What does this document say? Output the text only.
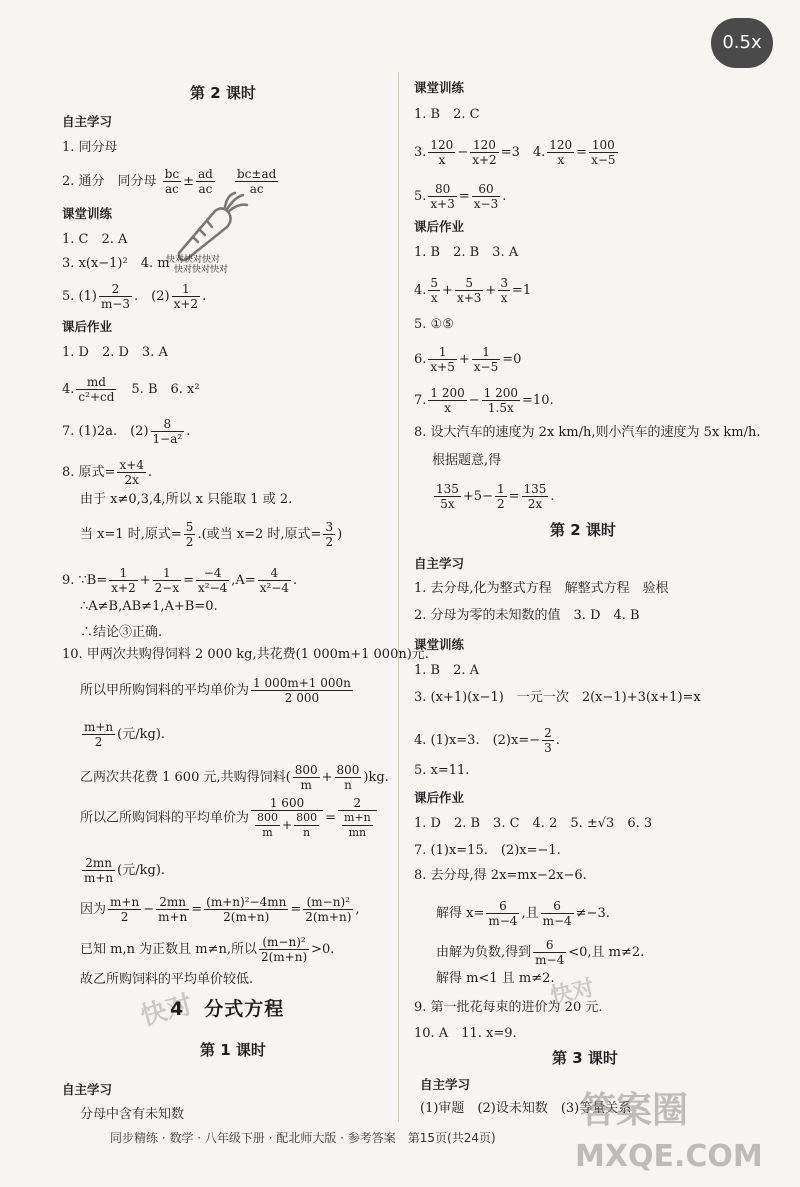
0.5x
第 2 课时
自主学习
1. 同分母
2. 通分　同分母 $\frac{bc}{ac} \pm \frac{ad}{ac}$
$\frac{bc\pm ad}{ac}$
课堂训练
1. C　2. A
3. x(x−1)²　4. m
5. $(1) \frac{2}{m-3}$ .　$(2) \frac{1}{x+2}$ .
快对快对快对
快对快对快对
课后作业
1. D　2. D　3. A
4. $\frac{md}{\text{c²+cd}}$ 　5. B　6. x²
7. (1)2a.　$(2) \frac{8}{\text{1−a²}}$ .
8. 原式= $\frac{x+4}{2x}$ .
由于 x≠0,3,4,所以 x 只能取 1 或 2.
当 x=1 时,原式= $\frac{5}{2}$ .(或当 x=2 时,原式= $\frac{3}{2}$ )
9. ∵B= $\frac{1}{x+2} + \frac{1}{2-x} = \frac{-4}{\text{x²−4}} ,A= \frac{4}{\text{x²−4}}$ .
∴A≠B,AB≠1,A+B=0.
∴结论③正确.
10. 甲两次共购得饲料 2 000 kg,共花费(1 000m+1 000n)元.
所以甲所购饲料的平均单价为 $\frac{1 000m+1 000n}{2 000}$
$\frac{m+n}{2}$ (元/kg).
乙两次共花费 1 600 元,共购得饲料( $\frac{800}{m} + \frac{800}{n} )kg$.
所以乙所购饲料的平均单价为 $\frac{1 600}{\frac{800}{m} + \frac{800}{n}} = \frac{2}{\frac{m+n}{mn}}$
$\frac{2mn}{m+n}$ (元/kg).
因为 $\frac{m+n}{2} - \frac{2mn}{m+n} = \frac{\text{(m+n)²−4mn}}{2(m+n)} = \frac{\text{(m−n)²}}{2(m+n)}$ ,
已知 m,n 为正数且 m≠n,所以 $\frac{\text{(m−n)²}}{2(m+n)} >0$.
故乙所购饲料的平均单价较低.
快对
4　分式方程
第 1 课时
自主学习
分母中含有未知数
课堂训练
1. B　2. C
3. $\frac{120}{x} - \frac{120}{x+2} =3$　4. $\frac{120}{x} = \frac{100}{x-5}$
5. $\frac{80}{x+3} = \frac{60}{x-3}$ .
课后作业
1. B　2. B　3. A
4. $\frac{5}{x} + \frac{5}{x+3} + \frac{3}{x} =1$
5. ①⑤
6. $\frac{1}{x+5} + \frac{1}{x-5} =0$
7. $\frac{1 200}{x} - \frac{1 200}{1.5x} =10$.
8. 设大汽车的速度为 2x km/h,则小汽车的速度为 5x km/h.
根据题意,得
$\frac{135}{5x} +5- \frac{1}{2} = \frac{135}{2x}$ .
第 2 课时
自主学习
1. 去分母,化为整式方程　解整式方程　验根
2. 分母为零的未知数的值　3. D　4. B
课堂训练
1. B　2. A
3. (x+1)(x−1)　一元一次　2(x−1)+3(x+1)=x
4. (1)x=3.　$(2)x=- \frac{2}{3}$ .
5. x=11.
课后作业
1. D　2. B　3. C　4. 2　5. ±√3　6. 3
7. (1)x=15.　(2)x=−1.
8. 去分母,得 2x=mx−2x−6.
解得 $x= \frac{6}{m-4}$ ,且 $\frac{6}{m-4} \ne-3$.
由解为负数,得到 $\frac{6}{m-4} <0$,且 m≠2.
解得 m<1 且 m≠2.
快对
9. 第一批花每束的进价为 20 元.
10. A　11. x=9.
第 3 课时
自主学习
(1)审题　(2)设未知数　(3)等量关系
同步精练 · 数学 · 八年级下册 · 配北师大版 · 参考答案　第15页(共24页)
答案圈
MXQE.COM
